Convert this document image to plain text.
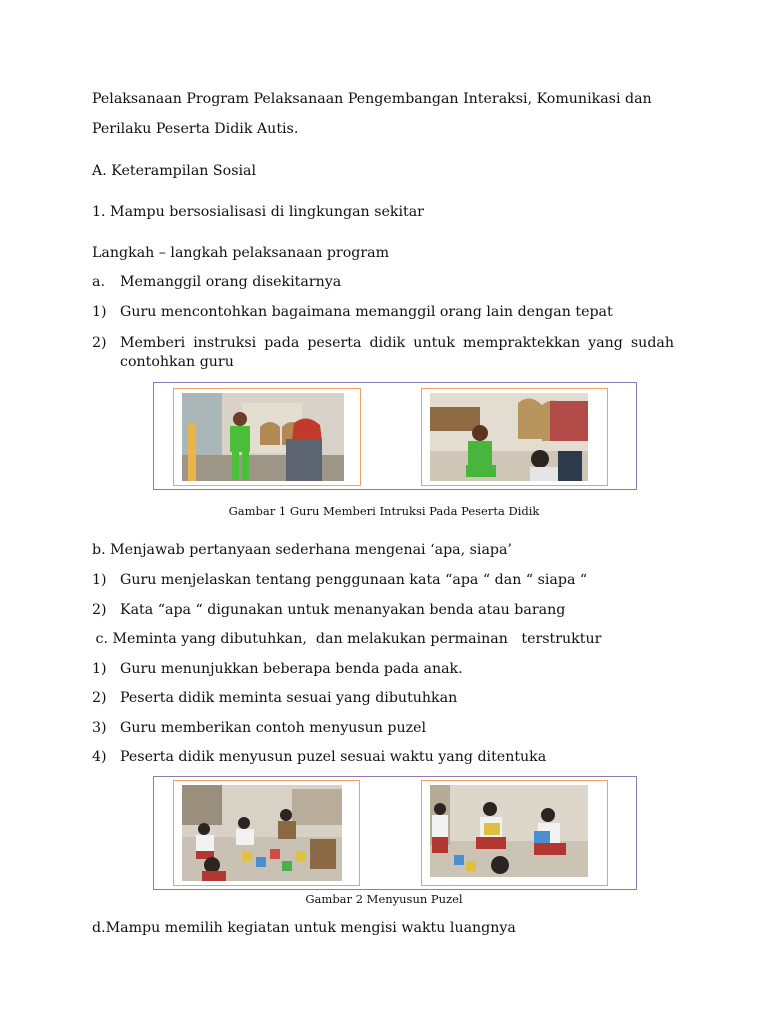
Pelaksanaan Program Pelaksanaan Pengembangan Interaksi, Komunikasi dan
Perilaku Peserta Didik Autis.
A. Keterampilan Sosial
1. Mampu bersosialisasi di lingkungan sekitar
Langkah – langkah pelaksanaan program
a. Memanggil orang disekitarnya
1) Guru mencontohkan bagaimana memanggil orang lain dengan tepat
2) Memberi instruksi pada peserta didik untuk mempraktekkan yang sudah contohkan guru
Gambar 1 Guru Memberi Intruksi Pada Peserta Didik
b. Menjawab pertanyaan sederhana mengenai ‘apa, siapa’
1) Guru menjelaskan tentang penggunaan kata “apa “ dan “ siapa “
2) Kata “apa “ digunakan untuk menanyakan benda atau barang
c. Meminta yang dibutuhkan,  dan melakukan permainan   terstruktur
1) Guru menunjukkan beberapa benda pada anak.
2) Peserta didik meminta sesuai yang dibutuhkan
3) Guru memberikan contoh menyusun puzel
4) Peserta didik menyusun puzel sesuai waktu yang ditentuka
Gambar 2 Menyusun Puzel
d.Mampu memilih kegiatan untuk mengisi waktu luangnya
